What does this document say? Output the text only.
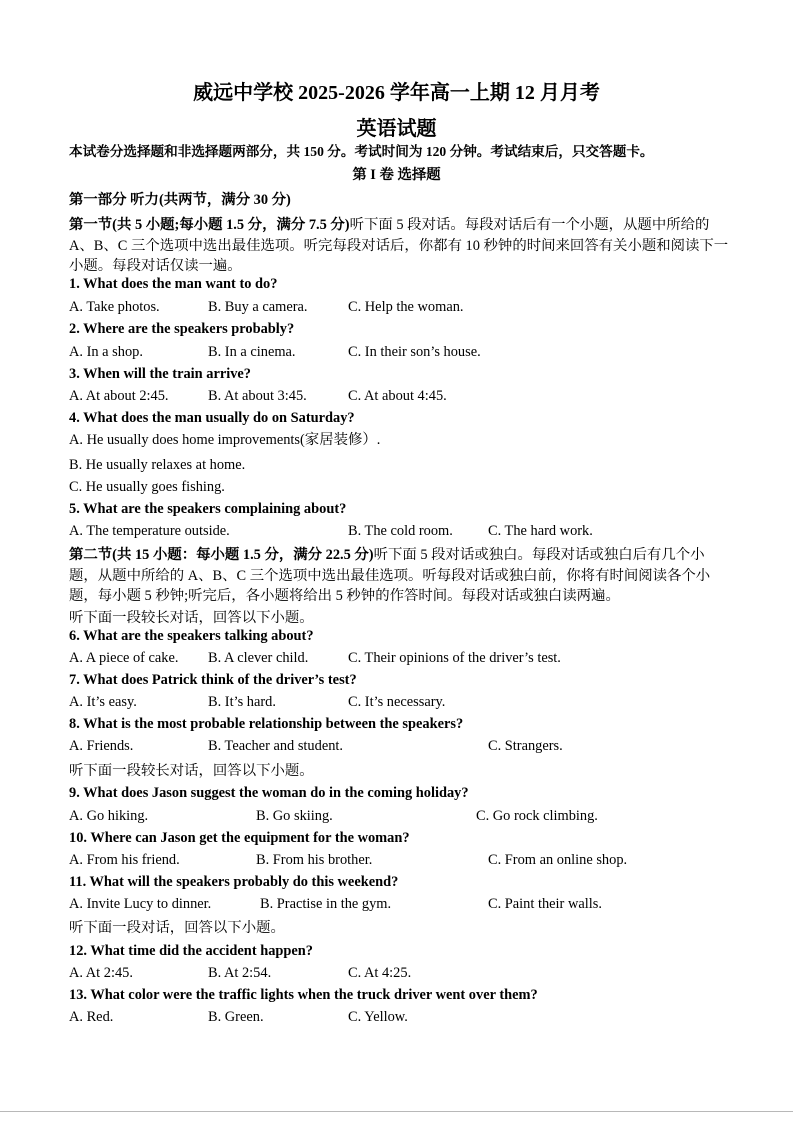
威远中学校 2025-2026 学年高一上期 12 月月考
英语试题

本试卷分选择题和非选择题两部分，共 150 分。考试时间为 120 分钟。考试结束后，只交答题卡。

第 I 卷 选择题

第一部分 听力(共两节，满分 30 分)

第一节(共 5 小题;每小题 1.5 分，满分 7.5 分)听下面 5 段对话。每段对话后有一个小题，从题中所给的 A、B、C 三个选项中选出最佳选项。听完每段对话后，你都有 10 秒钟的时间来回答有关小题和阅读下一小题。每段对话仅读一遍。

1. What does the man want to do?

A. Take photos.	B. Buy a camera.	C. Help the woman.

2. Where are the speakers probably?

A. In a shop.	B. In a cinema.	C. In their son’s house.

3. When will the train arrive?

A. At about 2:45.	B. At about 3:45.	C. At about 4:45.

4. What does the man usually do on Saturday?

A. He usually does home improvements(家居装修）.

B. He usually relaxes at home.

C. He usually goes fishing.

5. What are the speakers complaining about?

A. The temperature outside.	B. The cold room. C. The hard work.

第二节(共 15 小题：每小题 1.5 分，满分 22.5 分)听下面 5 段对话或独白。每段对话或独白后有几个小题，从题中所给的 A、B、C 三个选项中选出最佳选项。听每段对话或独白前，你将有时间阅读各个小题，每小题 5 秒钟;听完后，各小题将给出 5 秒钟的作答时间。每段对话或独白读两遍。

听下面一段较长对话，回答以下小题。

6. What are the speakers talking about?

A. A piece of cake. B. A clever child.	C. Their opinions of the driver’s test.

7. What does Patrick think of the driver’s test?

A. It’s easy.	B. It’s hard.	C. It’s necessary.

8. What is the most probable relationship between the speakers?

A. Friends.	B. Teacher and student.	C. Strangers.

听下面一段较长对话，回答以下小题。

9. What does Jason suggest the woman do in the coming holiday?

A. Go hiking.	B. Go skiing.	C. Go rock climbing.

10. Where can Jason get the equipment for the woman?

A. From his friend.	B. From his brother.	C. From an online shop.

11. What will the speakers probably do this weekend?

A. Invite Lucy to dinner.	B. Practise in the gym.	C. Paint their walls.

听下面一段对话，回答以下小题。

12. What time did the accident happen?

A. At 2:45.	B. At 2:54.	C. At 4:25.

13. What color were the traffic lights when the truck driver went over them?

A. Red.	B. Green.	C. Yellow.
